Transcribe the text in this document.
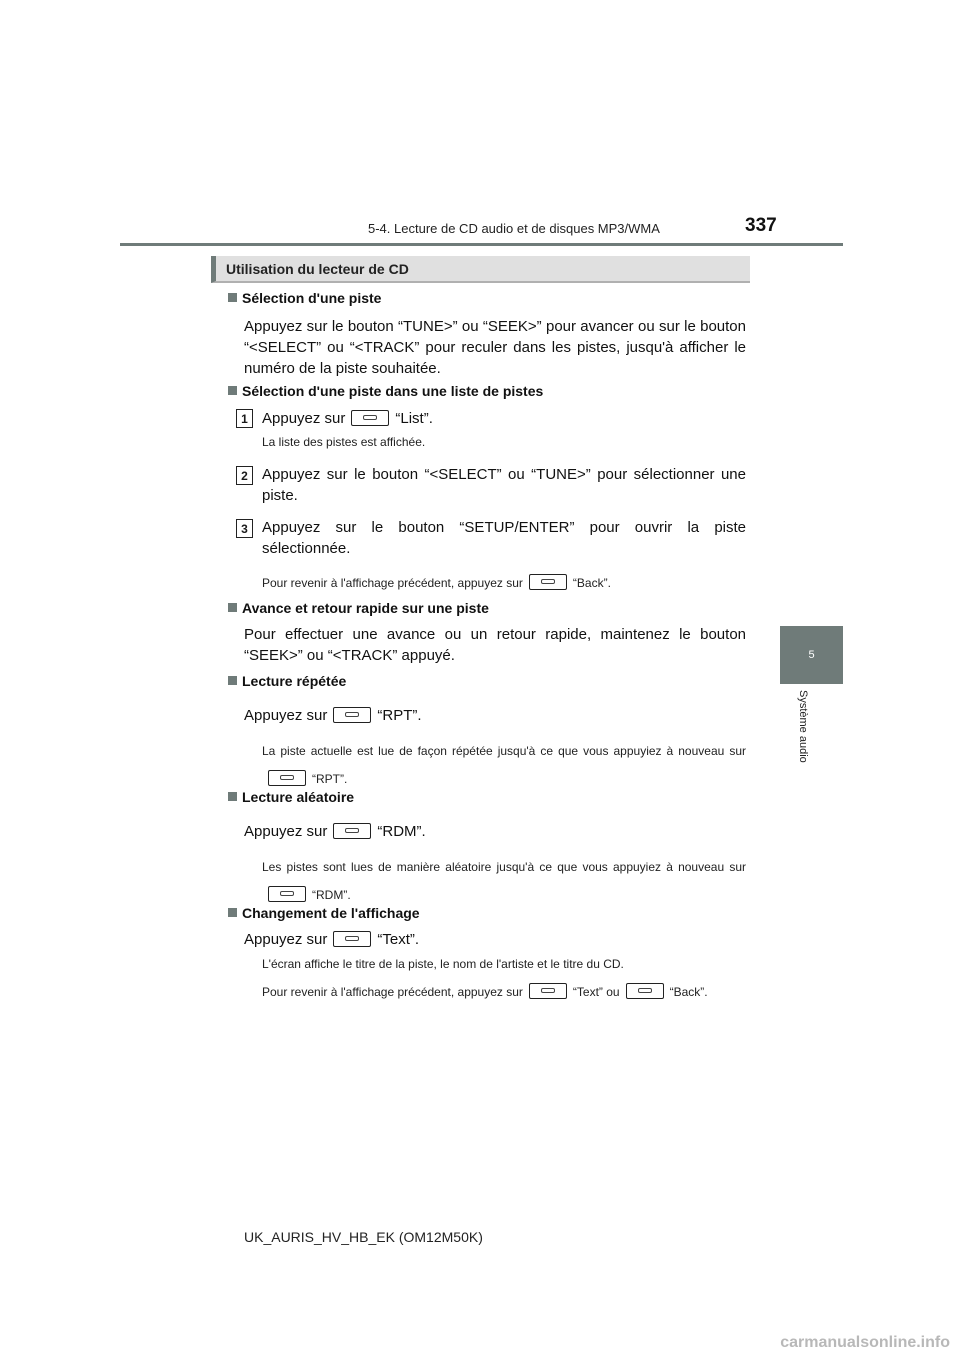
5-4. Lecture de CD audio et de disques MP3/WMA	337
5
Système audio
Utilisation du lecteur de CD
Sélection d'une piste
Appuyez sur le bouton “TUNE>” ou “SEEK>” pour avancer ou sur le bouton “<SELECT” ou “<TRACK” pour reculer dans les pistes, jusqu'à afficher le numéro de la piste souhaitée.
Sélection d'une piste dans une liste de pistes
1 Appuyez sur	“List”.
La liste des pistes est affichée.
2 Appuyez sur le bouton “<SELECT” ou “TUNE>” pour sélectionner une piste.
3 Appuyez sur le bouton “SETUP/ENTER” pour ouvrir la piste sélectionnée.
Pour revenir à l'affichage précédent, appuyez sur	“Back”.
Avance et retour rapide sur une piste
Pour effectuer une avance ou un retour rapide, maintenez le bouton “SEEK>” ou “<TRACK” appuyé.
Lecture répétée
Appuyez sur	“RPT”.
La piste actuelle est lue de façon répétée jusqu'à ce que vous appuyiez à nouveau sur“RPT”.
Lecture aléatoire
Appuyez sur	“RDM”.
Les pistes sont lues de manière aléatoire jusqu'à ce que vous appuyiez à nouveau sur“RDM”.
Changement de l'affichage
Appuyez sur	“Text”.
L'écran affiche le titre de la piste, le nom de l'artiste et le titre du CD.
Pour revenir à l'affichage précédent, appuyez sur	“Text” ou	“Back”.
UK_AURIS_HV_HB_EK (OM12M50K)
carmanualsonline.info
